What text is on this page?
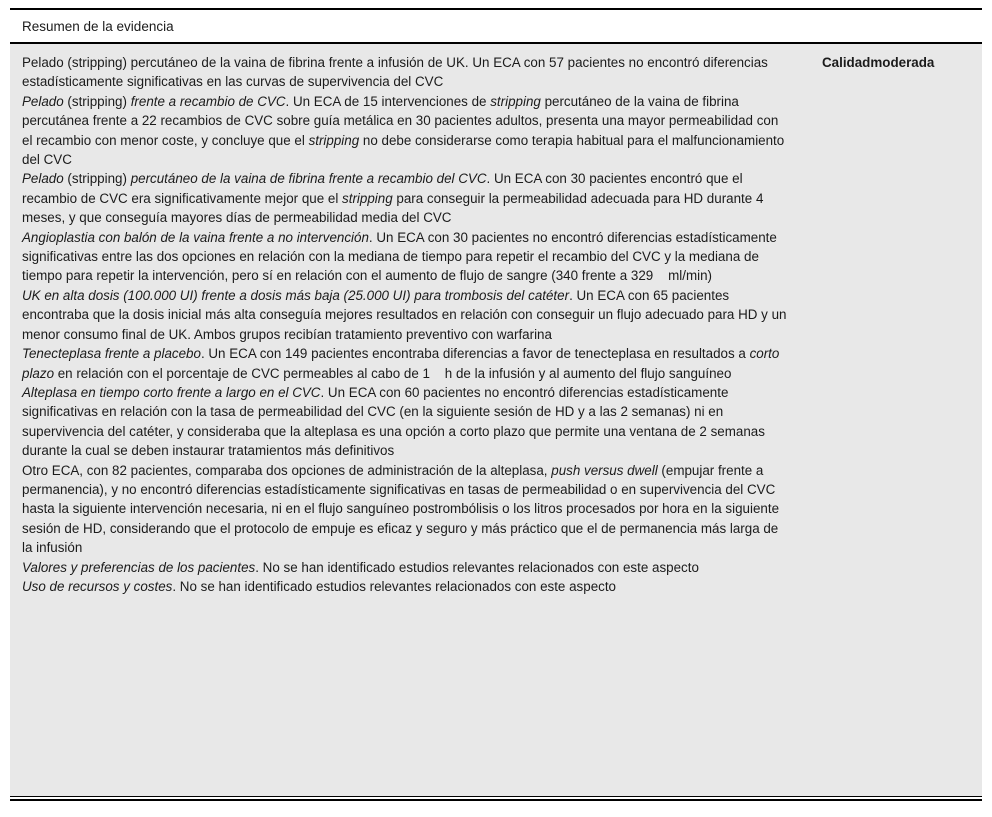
Resumen de la evidencia
Pelado (stripping) percutáneo de la vaina de fibrina frente a infusión de UK. Un ECA con 57 pacientes no encontró diferencias estadísticamente significativas en las curvas de supervivencia del CVC
Pelado (stripping) frente a recambio de CVC. Un ECA de 15 intervenciones de stripping percutáneo de la vaina de fibrina percutánea frente a 22 recambios de CVC sobre guía metálica en 30 pacientes adultos, presenta una mayor permeabilidad con el recambio con menor coste, y concluye que el stripping no debe considerarse como terapia habitual para el malfuncionamiento del CVC
Pelado (stripping) percutáneo de la vaina de fibrina frente a recambio del CVC. Un ECA con 30 pacientes encontró que el recambio de CVC era significativamente mejor que el stripping para conseguir la permeabilidad adecuada para HD durante 4 meses, y que conseguía mayores días de permeabilidad media del CVC
Angioplastia con balón de la vaina frente a no intervención. Un ECA con 30 pacientes no encontró diferencias estadísticamente significativas entre las dos opciones en relación con la mediana de tiempo para repetir el recambio del CVC y la mediana de tiempo para repetir la intervención, pero sí en relación con el aumento de flujo de sangre (340 frente a 329    ml/min)
UK en alta dosis (100.000 UI) frente a dosis más baja (25.000 UI) para trombosis del catéter. Un ECA con 65 pacientes encontraba que la dosis inicial más alta conseguía mejores resultados en relación con conseguir un flujo adecuado para HD y un menor consumo final de UK. Ambos grupos recibían tratamiento preventivo con warfarina
Tenecteplasa frente a placebo. Un ECA con 149 pacientes encontraba diferencias a favor de tenecteplasa en resultados a corto plazo en relación con el porcentaje de CVC permeables al cabo de 1    h de la infusión y al aumento del flujo sanguíneo
Alteplasa en tiempo corto frente a largo en el CVC. Un ECA con 60 pacientes no encontró diferencias estadísticamente significativas en relación con la tasa de permeabilidad del CVC (en la siguiente sesión de HD y a las 2 semanas) ni en supervivencia del catéter, y consideraba que la alteplasa es una opción a corto plazo que permite una ventana de 2 semanas durante la cual se deben instaurar tratamientos más definitivos
Otro ECA, con 82 pacientes, comparaba dos opciones de administración de la alteplasa, push versus dwell (empujar frente a permanencia), y no encontró diferencias estadísticamente significativas en tasas de permeabilidad o en supervivencia del CVC hasta la siguiente intervención necesaria, ni en el flujo sanguíneo postrombólisis o los litros procesados por hora en la siguiente sesión de HD, considerando que el protocolo de empuje es eficaz y seguro y más práctico que el de permanencia más larga de la infusión
Valores y preferencias de los pacientes. No se han identificado estudios relevantes relacionados con este aspecto
Uso de recursos y costes. No se han identificado estudios relevantes relacionados con este aspecto
Calidadmoderada
